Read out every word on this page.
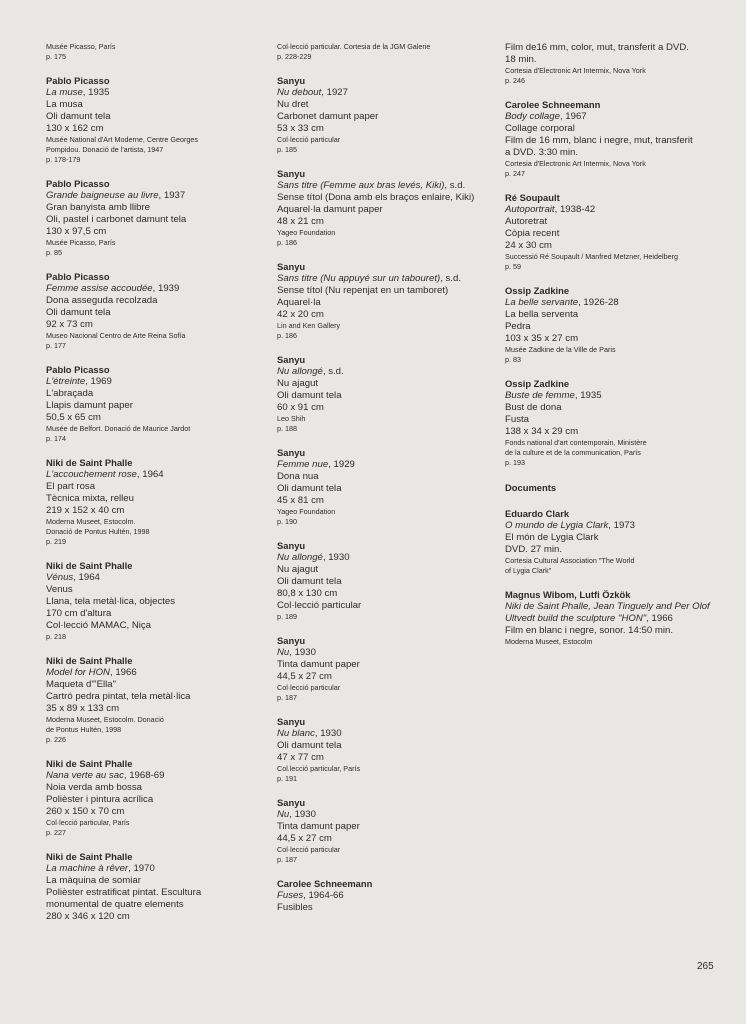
Musée Picasso, París
p. 175
Pablo Picasso
La muse, 1935
La musa
Oli damunt tela
130 x 162 cm
Musée National d'Art Moderne, Centre Georges
Pompidou. Donació de l'artista, 1947
p. 178-179
Pablo Picasso
Grande baigneuse au livre, 1937
Gran banyista amb llibre
Oli, pastel i carbonet damunt tela
130 x 97,5 cm
Musée Picasso, París
p. 85
Pablo Picasso
Femme assise accoudée, 1939
Dona asseguda recolzada
Oli damunt tela
92 x 73 cm
Museo Nacional Centro de Arte Reina Sofía
p. 177
Pablo Picasso
L'étreinte, 1969
L'abraçada
Llapis damunt paper
50,5 x 65 cm
Musée de Belfort. Donació de Maurice Jardot
p. 174
Niki de Saint Phalle
L'accouchement rose, 1964
El part rosa
Tècnica mixta, relleu
219 x 152 x 40 cm
Moderna Museet, Estocolm.
Donació de Pontus Hultén, 1998
p. 219
Niki de Saint Phalle
Vénus, 1964
Venus
Llana, tela metàl·lica, objectes
170 cm d'altura
Col·lecció MAMAC, Niça
p. 218
Niki de Saint Phalle
Model for HON, 1966
Maqueta d'"Ella"
Cartró pedra pintat, tela metàl·lica
35 x 89 x 133 cm
Moderna Museet, Estocolm. Donació
de Pontus Hultén, 1998
p. 226
Niki de Saint Phalle
Nana verte au sac, 1968-69
Noia verda amb bossa
Polièster i pintura acrílica
260 x 150 x 70 cm
Col·lecció particular, París
p. 227
Niki de Saint Phalle
La machine à rêver, 1970
La màquina de somiar
Polièster estratificat pintat. Escultura
monumental de quatre elements
280 x 346 x 120 cm
Col·lecció particular. Cortesia de la JGM Galerie
p. 228-229
Sanyu
Nu debout, 1927
Nu dret
Carbonet damunt paper
53 x 33 cm
Col·lecció particular
p. 185
Sanyu
Sans titre (Femme aux bras levés, Kiki), s.d.
Sense títol (Dona amb els braços enlaire, Kiki)
Aquarel·la damunt paper
48 x 21 cm
Yageo Foundation
p. 186
Sanyu
Sans titre (Nu appuyé sur un tabouret), s.d.
Sense títol (Nu repenjat en un tamboret)
Aquarel·la
42 x 20 cm
Lin and Ken Gallery
p. 186
Sanyu
Nu allongé, s.d.
Nu ajagut
Oli damunt tela
60 x 91 cm
Leo Shih
p. 188
Sanyu
Femme nue, 1929
Dona nua
Oli damunt tela
45 x 81 cm
Yageo Foundation
p. 190
Sanyu
Nu allongé, 1930
Nu ajagut
Oli damunt tela
80,8 x 130 cm
Col·lecció particular
p. 189
Sanyu
Nu, 1930
Tinta damunt paper
44,5 x 27 cm
Col·lecció particular
p. 187
Sanyu
Nu blanc, 1930
Oli damunt tela
47 x 77 cm
Col.lecció particular, París
p. 191
Sanyu
Nu, 1930
Tinta damunt paper
44,5 x 27 cm
Col·lecció particular
p. 187
Carolee Schneemann
Fuses, 1964-66
Fusibles
Film de16 mm, color, mut, transferit a DVD.
18 min.
Cortesia d'Electronic Art Intermix, Nova York
p. 246
Carolee Schneemann
Body collage, 1967
Collage corporal
Film de 16 mm, blanc i negre, mut, transferit
a DVD. 3:30 min.
Cortesia d'Electronic Art Intermix, Nova York
p. 247
Ré Soupault
Autoportrait, 1938-42
Autoretrat
Còpia recent
24 x 30 cm
Successió Ré Soupault / Manfred Metzner, Heidelberg
p. 59
Ossip Zadkine
La belle servante, 1926-28
La bella serventa
Pedra
103 x 35 x 27 cm
Musée Zadkine de la Ville de Paris
p. 83
Ossip Zadkine
Buste de femme, 1935
Bust de dona
Fusta
138 x 34 x 29 cm
Fonds national d'art contemporain, Ministère
de la culture et de la communication, París
p. 193
Documents
Eduardo Clark
O mundo de Lygia Clark, 1973
El món de Lygia Clark
DVD. 27 min.
Cortesia Cultural Association "The World
of Lygia Clark"
Magnus Wibom, Lutfi Özkök
Niki de Saint Phalle, Jean Tinguely and Per Olof
Ultvedt build the sculpture "HON", 1966
Film en blanc i negre, sonor. 14:50 min.
Moderna Museet, Estocolm
265
